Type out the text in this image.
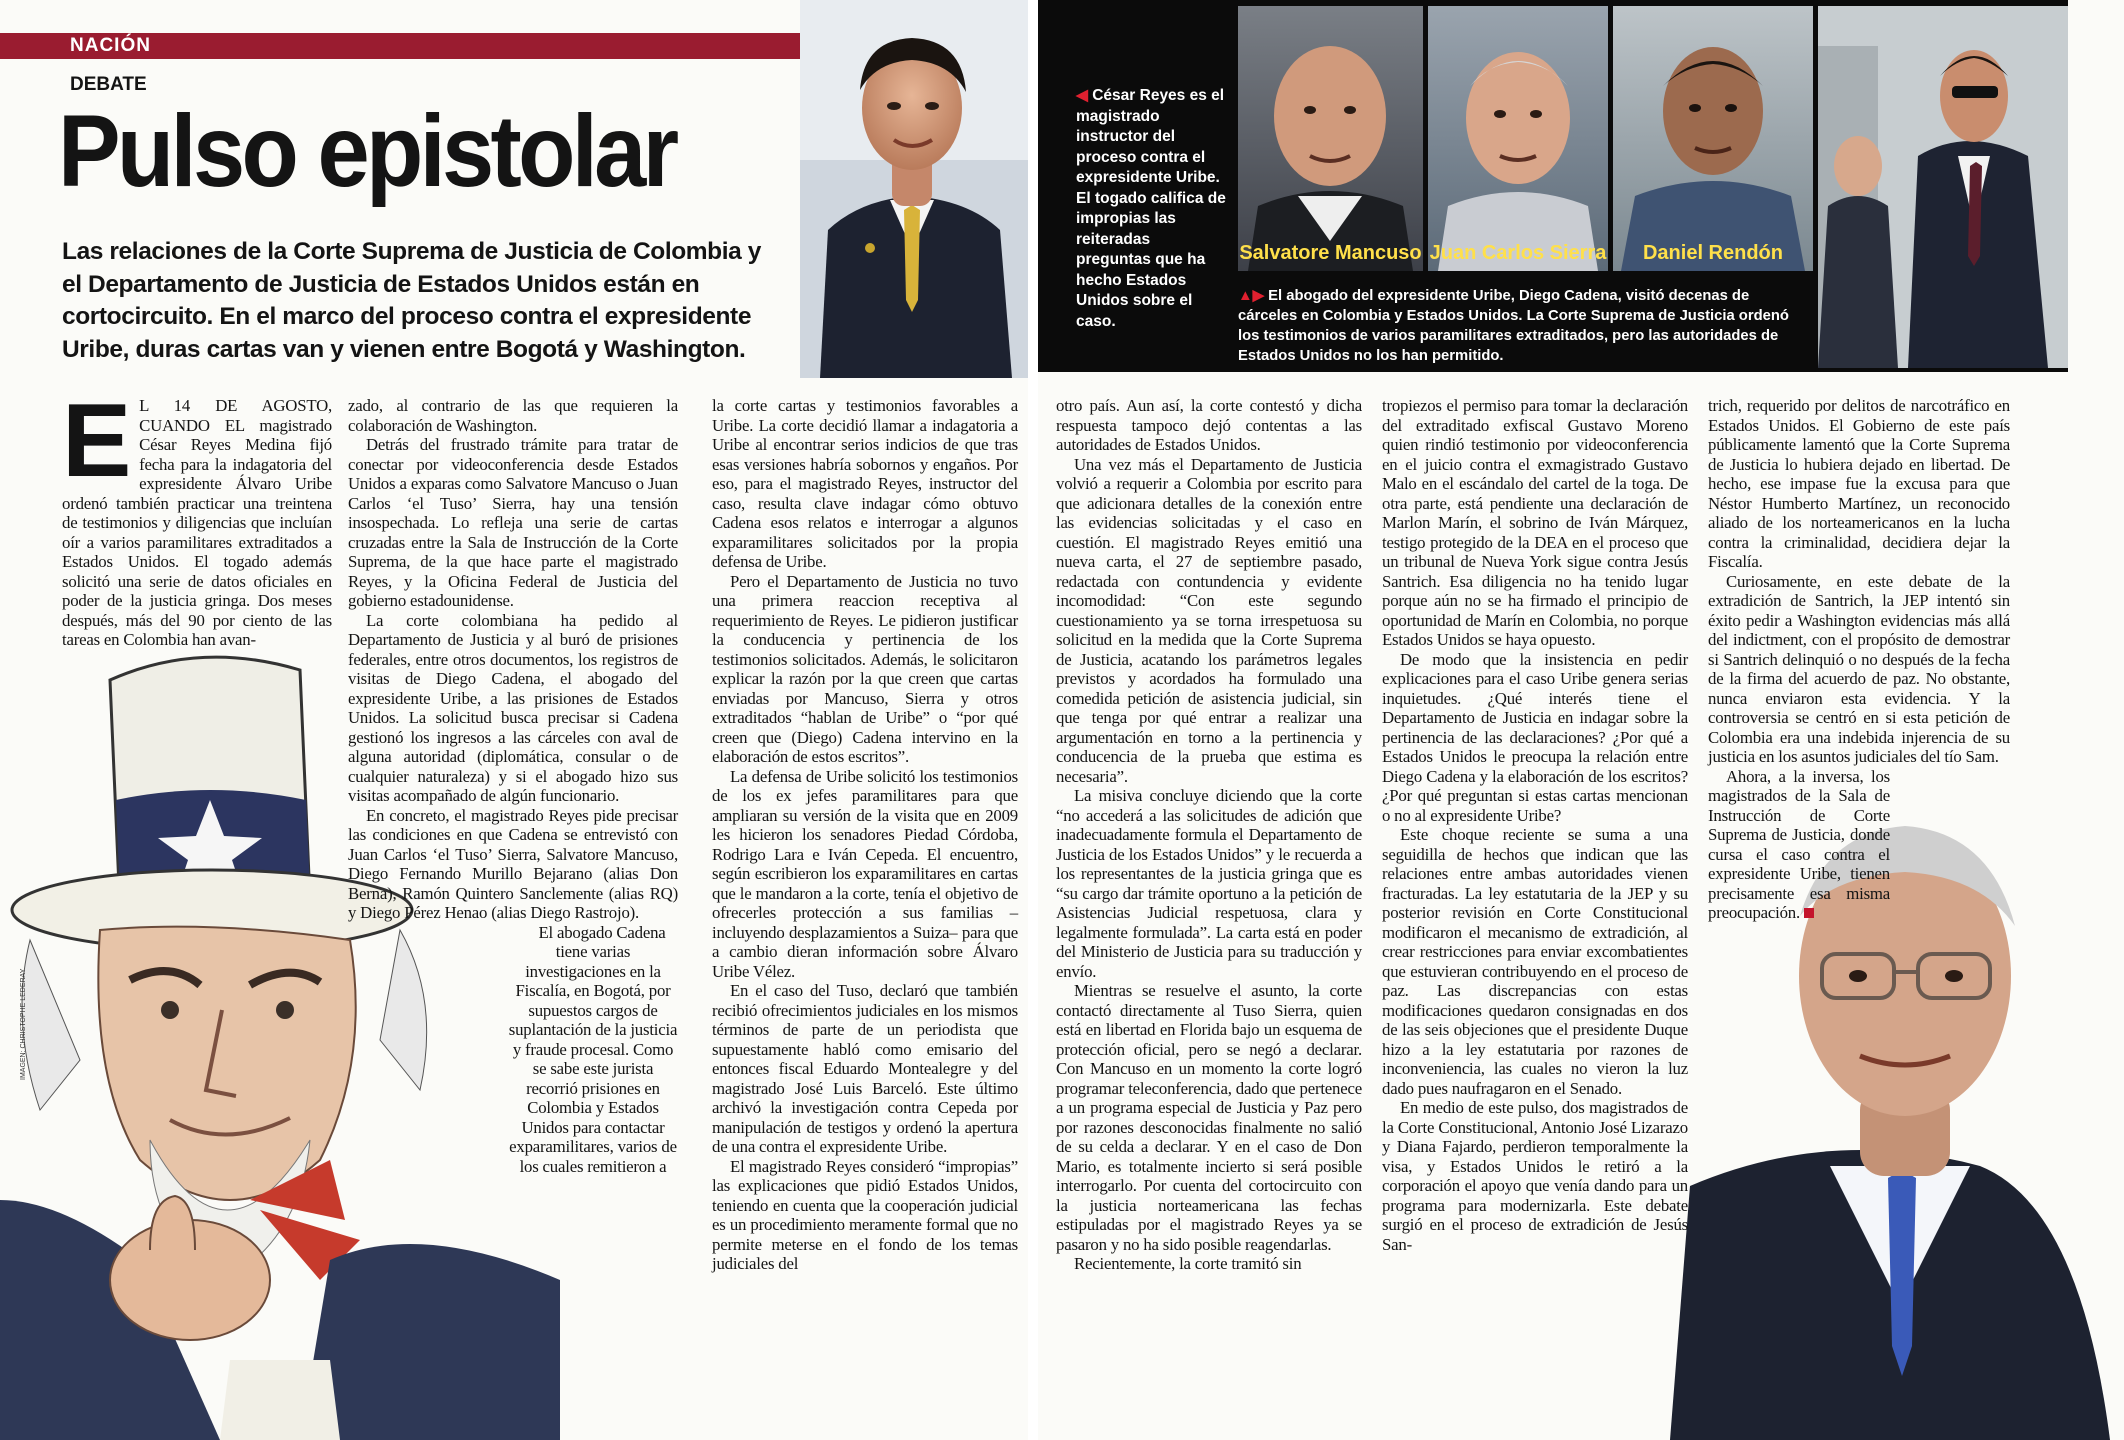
NACIÓN
DEBATE
Pulso epistolar
Las relaciones de la Corte Suprema de Justicia de Colombia y el Departamento de Justicia de Estados Unidos están en cortocircuito. En el marco del proceso contra el expresidente Uribe, duras cartas van y vienen entre Bogotá y Washington.
IMAGEN: CHRISTOPHE LEDERAY

E L 14 DE AGOSTO, CUANDO EL magistrado César Reyes Medina fijó fecha para la indagatoria del expresidente Álvaro Uribe ordenó también practicar una treintena de testimonios y diligencias que incluían oír a varios paramilitares extraditados a Estados Unidos. El togado además solicitó una serie de datos oficiales en poder de la justicia gringa. Dos meses después, más del 90 por ciento de las tareas en Colombia han avan-

zado, al contrario de las que requieren la colaboración de Washington.

Detrás del frustrado trámite para tratar de conectar por videoconferencia desde Estados Unidos a exparas como Salvatore Mancuso o Juan Carlos ‘el Tuso’ Sierra, hay una tensión insospechada. Lo refleja una serie de cartas cruzadas entre la Sala de Instrucción de la Corte Suprema, de la que hace parte el magistrado Reyes, y la Oficina Federal de Justicia del gobierno estadounidense.

La corte colombiana ha pedido al Departamento de Justicia y al buró de prisiones federales, entre otros documentos, los registros de visitas de Diego Cadena, el abogado del expresidente Uribe, a las prisiones de Estados Unidos. La solicitud busca precisar si Cadena gestionó los ingresos a las cárceles con aval de alguna autoridad (diplomática, consular o de cualquier naturaleza) y si el abogado hizo sus visitas acompañado de algún funcionario.

En concreto, el magistrado Reyes pide precisar las condiciones en que Cadena se entrevistó con Juan Carlos ‘el Tuso’ Sierra, Salvatore Mancuso, Diego Fernando Murillo Bejarano (alias Don Berna), Ramón Quintero Sanclemente (alias RQ) y Diego Pérez Henao (alias Diego Rastrojo).

El abogado Cadena tiene varias investigaciones en la Fiscalía, en Bogotá, por supuestos cargos de suplantación de la justicia y fraude procesal. Como se sabe este jurista recorrió prisiones en Colombia y Estados Unidos para contactar exparamilitares, varios de los cuales remitieron a

la corte cartas y testimonios favorables a Uribe. La corte decidió llamar a indagatoria a Uribe al encontrar serios indicios de que tras esas versiones habría sobornos y engaños. Por eso, para el magistrado Reyes, instructor del caso, resulta clave indagar cómo obtuvo Cadena esos relatos e interrogar a algunos exparamilitares solicitados por la propia defensa de Uribe.

Pero el Departamento de Justicia no tuvo una primera reaccion receptiva al requerimiento de Reyes. Le pidieron justificar la conducencia y pertinencia de los testimonios solicitados. Además, le solicitaron explicar la razón por la que creen que cartas enviadas por Mancuso, Sierra y otros extraditados “hablan de Uribe” o “por qué creen que (Diego) Cadena intervino en la elaboración de estos escritos”.

La defensa de Uribe solicitó los testimonios de los ex jefes paramilitares para que ampliaran su versión de la visita que en 2009 les hicieron los senadores Piedad Córdoba, Rodrigo Lara e Iván Cepeda. El encuentro, según escribieron los exparamilitares en cartas que le mandaron a la corte, tenía el objetivo de ofrecerles protección a sus familias –incluyendo desplazamientos a Suiza– para que a cambio dieran información sobre Álvaro Uribe Vélez.

En el caso del Tuso, declaró que también recibió ofrecimientos judiciales en los mismos términos de parte de un periodista que supuestamente habló como emisario del entonces fiscal Eduardo Montealegre y del magistrado José Luis Barceló. Este último archivó la investigación contra Cepeda por manipulación de testigos y ordenó la apertura de una contra el expresidente Uribe.

El magistrado Reyes consideró “impropias” las explicaciones que pidió Estados Unidos, teniendo en cuenta que la cooperación judicial es un procedimiento meramente formal que no permite meterse en el fondo de los temas judiciales del

Salvatore Mancuso Juan Carlos Sierra	Daniel Rendón
◀ César Reyes es el magistrado instructor del proceso contra el expresidente Uribe. El togado califica de impropias las reiteradas preguntas que ha hecho Estados Unidos sobre el caso.
▲▶ El abogado del expresidente Uribe, Diego Cadena, visitó decenas de cárceles en Colombia y Estados Unidos. La Corte Suprema de Justicia ordenó los testimonios de varios paramilitares extraditados, pero las autoridades de Estados Unidos no los han permitido.

otro país. Aun así, la corte contestó y dicha respuesta tampoco dejó contentas a las autoridades de Estados Unidos.

Una vez más el Departamento de Justicia volvió a requerir a Colombia por escrito para que adicionara detalles de la conexión entre las evidencias solicitadas y el caso en cuestión. El magistrado Reyes emitió una nueva carta, el 27 de septiembre pasado, redactada con contundencia y evidente incomodidad: “Con este segundo cuestionamiento ya se torna irrespetuosa su solicitud en la medida que la Corte Suprema de Justicia, acatando los parámetros legales previstos y acordados ha formulado una comedida petición de asistencia judicial, sin que tenga por qué entrar a realizar una argumentación en torno a la pertinencia y conducencia de la prueba que estima es necesaria”.

La misiva concluye diciendo que la corte “no accederá a las solicitudes de adición que inadecuadamente formula el Departamento de Justicia de los Estados Unidos” y le recuerda a los representantes de la justicia gringa que es “su cargo dar trámite oportuno a la petición de Asistencias Judicial respetuosa, clara y legalmente formulada”. La carta está en poder del Ministerio de Justicia para su traducción y envío.

Mientras se resuelve el asunto, la corte contactó directamente al Tuso Sierra, quien está en libertad en Florida bajo un esquema de protección oficial, pero se negó a declarar. Con Mancuso en un momento la corte logró programar teleconferencia, dado que pertenece a un programa especial de Justicia y Paz pero por razones desconocidas finalmente no salió de su celda a declarar. Y en el caso de Don Mario, es totalmente incierto si será posible interrogarlo. Por cuenta del cortocircuito con la justicia norteamericana las fechas estipuladas por el magistrado Reyes ya se pasaron y no ha sido posible reagendarlas.

Recientemente, la corte tramitó sin

tropiezos el permiso para tomar la declaración del extraditado exfiscal Gustavo Moreno quien rindió testimonio por videoconferencia en el juicio contra el exmagistrado Gustavo Malo en el escándalo del cartel de la toga. De otra parte, está pendiente una declaración de Marlon Marín, el sobrino de Iván Márquez, testigo protegido de la DEA en el proceso que un tribunal de Nueva York sigue contra Jesús Santrich. Esa diligencia no ha tenido lugar porque aún no se ha firmado el principio de oportunidad de Marín en Colombia, no porque Estados Unidos se haya opuesto.

De modo que la insistencia en pedir explicaciones para el caso Uribe genera serias inquietudes. ¿Qué interés tiene el Departamento de Justicia en indagar sobre la pertinencia de las declaraciones? ¿Por qué a Estados Unidos le preocupa la relación entre Diego Cadena y la elaboración de los escritos? ¿Por qué preguntan si estas cartas mencionan o no al expresidente Uribe?

Este choque reciente se suma a una seguidilla de hechos que indican que las relaciones entre ambas autoridades vienen fracturadas. La ley estatutaria de la JEP y su posterior revisión en Corte Constitucional modificaron el mecanismo de extradición, al crear restricciones para enviar excombatientes que estuvieran contribuyendo en el proceso de paz. Las discrepancias con estas modificaciones quedaron consignadas en dos de las seis objeciones que el presidente Duque hizo a la ley estatutaria por razones de inconveniencia, las cuales no vieron la luz dado pues naufragaron en el Senado.

En medio de este pulso, dos magistrados de la Corte Constitucional, Antonio José Lizarazo y Diana Fajardo, perdieron temporalmente la visa, y Estados Unidos le retiró a la corporación el apoyo que venía dando para un programa para modernizarla. Este debate surgió en el proceso de extradición de Jesús San-

trich, requerido por delitos de narcotráfico en Estados Unidos. El Gobierno de este país públicamente lamentó que la Corte Suprema de Justicia lo hubiera dejado en libertad. De hecho, ese impase fue la excusa para que Néstor Humberto Martínez, un reconocido aliado de los norteamericanos en la lucha contra la criminalidad, decidiera dejar la Fiscalía.

Curiosamente, en este debate de la extradición de Santrich, la JEP intentó sin éxito pedir a Washington evidencias más allá del indictment, con el propósito de demostrar si Santrich delinquió o no después de la fecha de la firma del acuerdo de paz. No obstante, nunca enviaron esta evidencia. Y la controversia se centró en si esta petición de Colombia era una indebida injerencia de su justicia en los asuntos judiciales del tío Sam.

Ahora, a la inversa, los magistrados de la Sala de Instrucción de Corte Suprema de Justicia, donde cursa el caso contra el expresidente Uribe, tienen precisamente esa misma preocupación.
